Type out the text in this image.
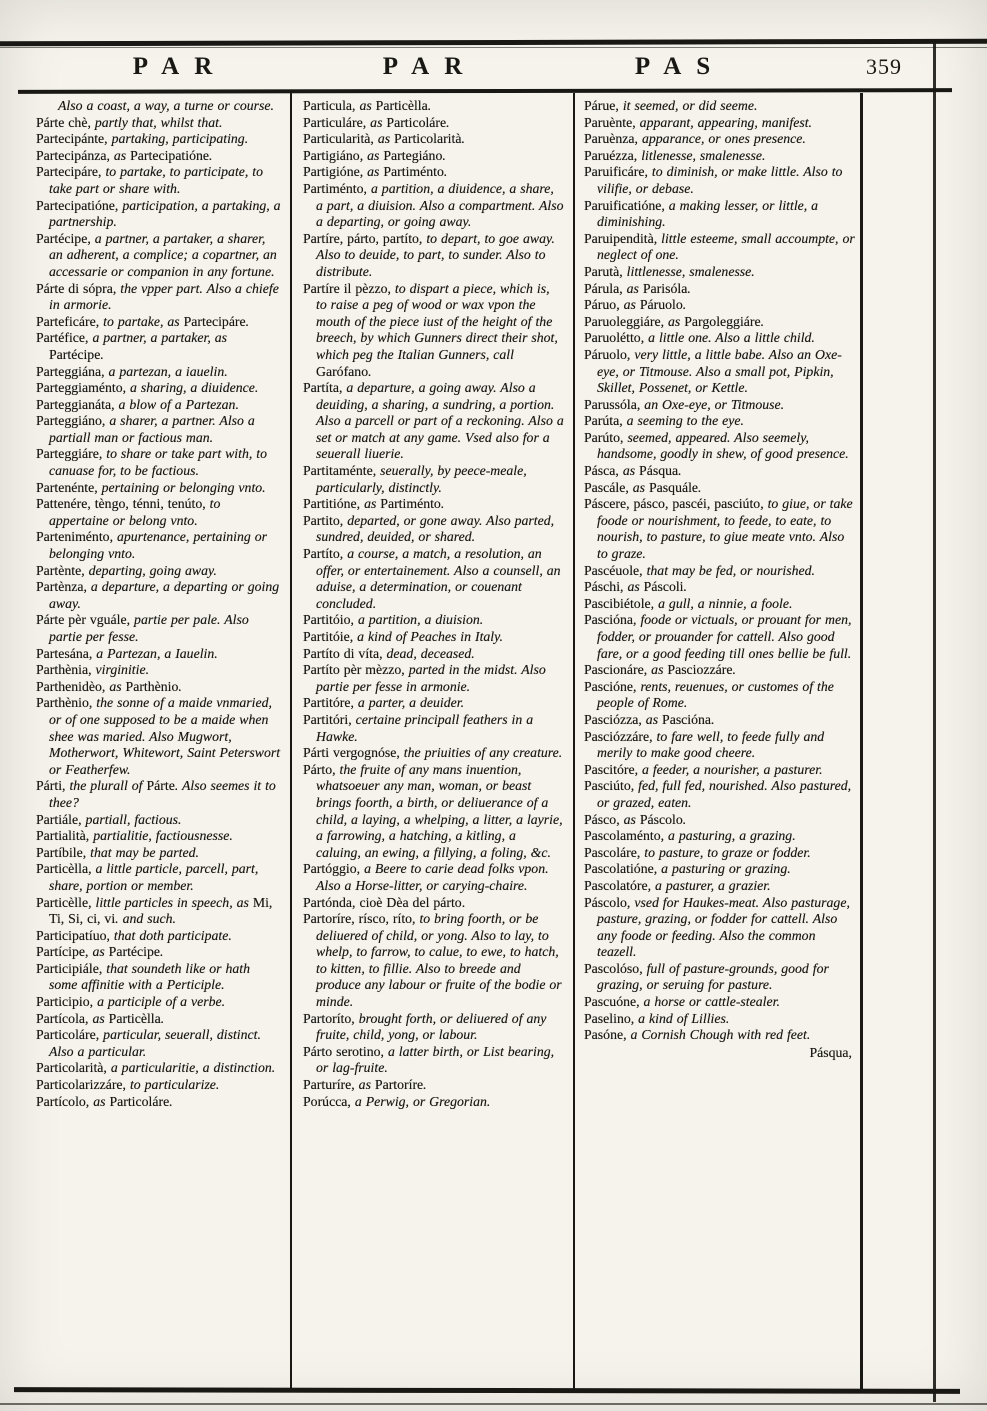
PAR	PAR	PAS	359

Also a coast, a way, a turne or course.

Párte chè, partly that, whilst that.

Partecipánte, partaking, participating.

Partecipánza, as Partecipatióne.

Partecipáre, to partake, to participate, to take part or share with.

Partecipatióne, participation, a partaking, a partnership.

Partécipe, a partner, a partaker, a sharer, an adherent, a complice; a copartner, an accessarie or companion in any fortune.

Párte di sópra, the vpper part. Also a chiefe in armorie.

Parteficáre, to partake, as Partecipáre.

Partéfice, a partner, a partaker, as Partécipe.

Parteggiána, a partezan, a iauelin.

Parteggiaménto, a sharing, a diuidence.

Parteggianáta, a blow of a Partezan.

Parteggiáno, a sharer, a partner. Also a partiall man or factious man.

Parteggiáre, to share or take part with, to canuase for, to be factious.

Partenénte, pertaining or belonging vnto.

Pattenére, tèngo, ténni, tenúto, to appertaine or belong vnto.

Parteniménto, apurtenance, pertaining or belonging vnto.

Partènte, departing, going away.

Partènza, a departure, a departing or going away.

Párte pèr vguále, partie per pale. Also partie per fesse.

Partesána, a Partezan, a Iauelin.

Parthènia, virginitie.

Parthenidèo, as Parthènio.

Parthènio, the sonne of a maide vnmaried, or of one supposed to be a maide when shee was maried. Also Mugwort, Motherwort, Whitewort, Saint Peterswort or Featherfew.

Párti, the plurall of Párte. Also seemes it to thee?

Partiále, partiall, factious.

Partialità, partialitie, factiousnesse.

Partíbile, that may be parted.

Particèlla, a little particle, parcell, part, share, portion or member.

Particèlle, little particles in speech, as Mi, Ti, Si, ci, vi. and such.

Participatíuo, that doth participate.

Partícipe, as Partécipe.

Participiále, that soundeth like or hath some affinitie with a Perticiple.

Participio, a participle of a verbe.

Partícola, as Particèlla.

Particoláre, particular, seuerall, distinct. Also a particular.

Particolarità, a particularitie, a distinction.

Particolarizzáre, to particularize.

Partícolo, as Particoláre.

Particula, as Particèlla.

Particuláre, as Particoláre.

Particularità, as Particolarità.

Partigiáno, as Partegiáno.

Partigióne, as Partiménto.

Partiménto, a partition, a diuidence, a share, a part, a diuision. Also a compartment. Also a departing, or going away.

Partíre, párto, partíto, to depart, to goe away. Also to deuide, to part, to sunder. Also to distribute.

Partíre il pèzzo, to dispart a piece, which is, to raise a peg of wood or wax vpon the mouth of the piece iust of the height of the breech, by which Gunners direct their shot, which peg the Italian Gunners, call Garófano.

Partíta, a departure, a going away. Also a deuiding, a sharing, a sundring, a portion. Also a parcell or part of a reckoning. Also a set or match at any game. Vsed also for a seuerall liuerie.

Partitaménte, seuerally, by peece-meale, particularly, distinctly.

Partitióne, as Partiménto.

Partito, departed, or gone away. Also parted, sundred, deuided, or shared.

Partíto, a course, a match, a resolution, an offer, or entertainement. Also a counsell, an aduise, a determination, or couenant concluded.

Partitóio, a partition, a diuision.

Partitóie, a kind of Peaches in Italy.

Partíto di víta, dead, deceased.

Partíto pèr mèzzo, parted in the midst. Also partie per fesse in armonie.

Partitóre, a parter, a deuider.

Partitóri, certaine principall feathers in a Hawke.

Párti vergognóse, the priuities of any creature.

Párto, the fruite of any mans inuention, whatsoeuer any man, woman, or beast brings foorth, a birth, or deliuerance of a child, a laying, a whelping, a litter, a layrie, a farrowing, a hatching, a kitling, a caluing, an ewing, a fillying, a foling, &c.

Partóggio, a Beere to carie dead folks vpon. Also a Horse-litter, or carying-chaire.

Partónda, cioè Dèa del párto.

Partoríre, rísco, ríto, to bring foorth, or be deliuered of child, or yong. Also to lay, to whelp, to farrow, to calue, to ewe, to hatch, to kitten, to fillie. Also to breede and produce any labour or fruite of the bodie or minde.

Partoríto, brought forth, or deliuered of any fruite, child, yong, or labour.

Párto serotino, a latter birth, or List bearing, or lag-fruite.

Parturíre, as Partoríre.

Porúcca, a Perwig, or Gregorian.

Párue, it seemed, or did seeme.

Paruènte, apparant, appearing, manifest.

Paruènza, apparance, or ones presence.

Paruézza, litlenesse, smalenesse.

Paruificáre, to diminish, or make little. Also to vilifie, or debase.

Paruificatióne, a making lesser, or little, a diminishing.

Paruipendità, little esteeme, small accoumpte, or neglect of one.

Parutà, littlenesse, smalenesse.

Párula, as Parisóla.

Páruo, as Páruolo.

Paruoleggiáre, as Pargoleggiáre.

Paruolétto, a little one. Also a little child.

Páruolo, very little, a little babe. Also an Oxe-eye, or Titmouse. Also a small pot, Pipkin, Skillet, Possenet, or Kettle.

Parussóla, an Oxe-eye, or Titmouse.

Parúta, a seeming to the eye.

Parúto, seemed, appeared. Also seemely, handsome, goodly in shew, of good presence.

Pásca, as Pásqua.

Pascále, as Pasquále.

Páscere, pásco, pascéi, pasciúto, to giue, or take foode or nourishment, to feede, to eate, to nourish, to pasture, to giue meate vnto. Also to graze.

Pascéuole, that may be fed, or nourished.

Páschi, as Páscoli.

Pascibiétole, a gull, a ninnie, a foole.

Pascióna, foode or victuals, or prouant for men, fodder, or prouander for cattell. Also good fare, or a good feeding till ones bellie be full.

Pascionáre, as Pasciozzáre.

Pascióne, rents, reuenues, or customes of the people of Rome.

Pasciózza, as Pascióna.

Pasciózzáre, to fare well, to feede fully and merily to make good cheere.

Pascitóre, a feeder, a nourisher, a pasturer.

Pasciúto, fed, full fed, nourished. Also pastured, or grazed, eaten.

Pásco, as Páscolo.

Pascolaménto, a pasturing, a grazing.

Pascoláre, to pasture, to graze or fodder.

Pascolatióne, a pasturing or grazing.

Pascolatóre, a pasturer, a grazier.

Páscolo, vsed for Haukes-meat. Also pasturage, pasture, grazing, or fodder for cattell. Also any foode or feeding. Also the common teazell.

Pascolóso, full of pasture-grounds, good for grazing, or seruing for pasture.

Pascuóne, a horse or cattle-stealer.

Paselino, a kind of Lillies.

Pasóne, a Cornish Chough with red feet.

Pásqua,
